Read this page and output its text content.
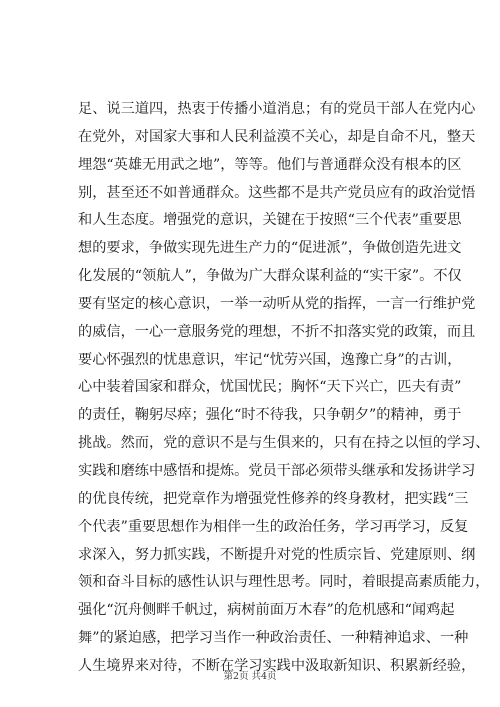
足、说三道四，热衷于传播小道消息；有的党员干部人在党内心
在党外，对国家大事和人民利益漠不关心，却是自命不凡，整天
埋怨“英雄无用武之地”，等等。他们与普通群众没有根本的区
别，甚至还不如普通群众。这些都不是共产党员应有的政治觉悟
和人生态度。增强党的意识，关键在于按照“三个代表”重要思
想的要求，争做实现先进生产力的“促进派”，争做创造先进文
化发展的“领航人”，争做为广大群众谋利益的“实干家”。不仅
要有坚定的核心意识，一举一动听从党的指挥，一言一行维护党
的威信，一心一意服务党的理想，不折不扣落实党的政策，而且
要心怀强烈的忧患意识，牢记“忧劳兴国，逸豫亡身”的古训，
心中装着国家和群众，忧国忧民；胸怀“天下兴亡，匹夫有责”
的责任，鞠躬尽瘁；强化“时不待我，只争朝夕”的精神，勇于
挑战。然而，党的意识不是与生俱来的，只有在持之以恒的学习、
实践和磨练中感悟和提炼。党员干部必须带头继承和发扬讲学习
的优良传统，把党章作为增强党性修养的终身教材，把实践“三
个代表”重要思想作为相伴一生的政治任务，学习再学习，反复
求深入，努力抓实践，不断提升对党的性质宗旨、党建原则、纲
领和奋斗目标的感性认识与理性思考。同时，着眼提高素质能力，
强化“沉舟侧畔千帆过，病树前面万木春”的危机感和“闻鸡起
舞”的紧迫感，把学习当作一种政治责任、一种精神追求、一种
人生境界来对待，不断在学习实践中汲取新知识、积累新经验，
第2页 共4页
